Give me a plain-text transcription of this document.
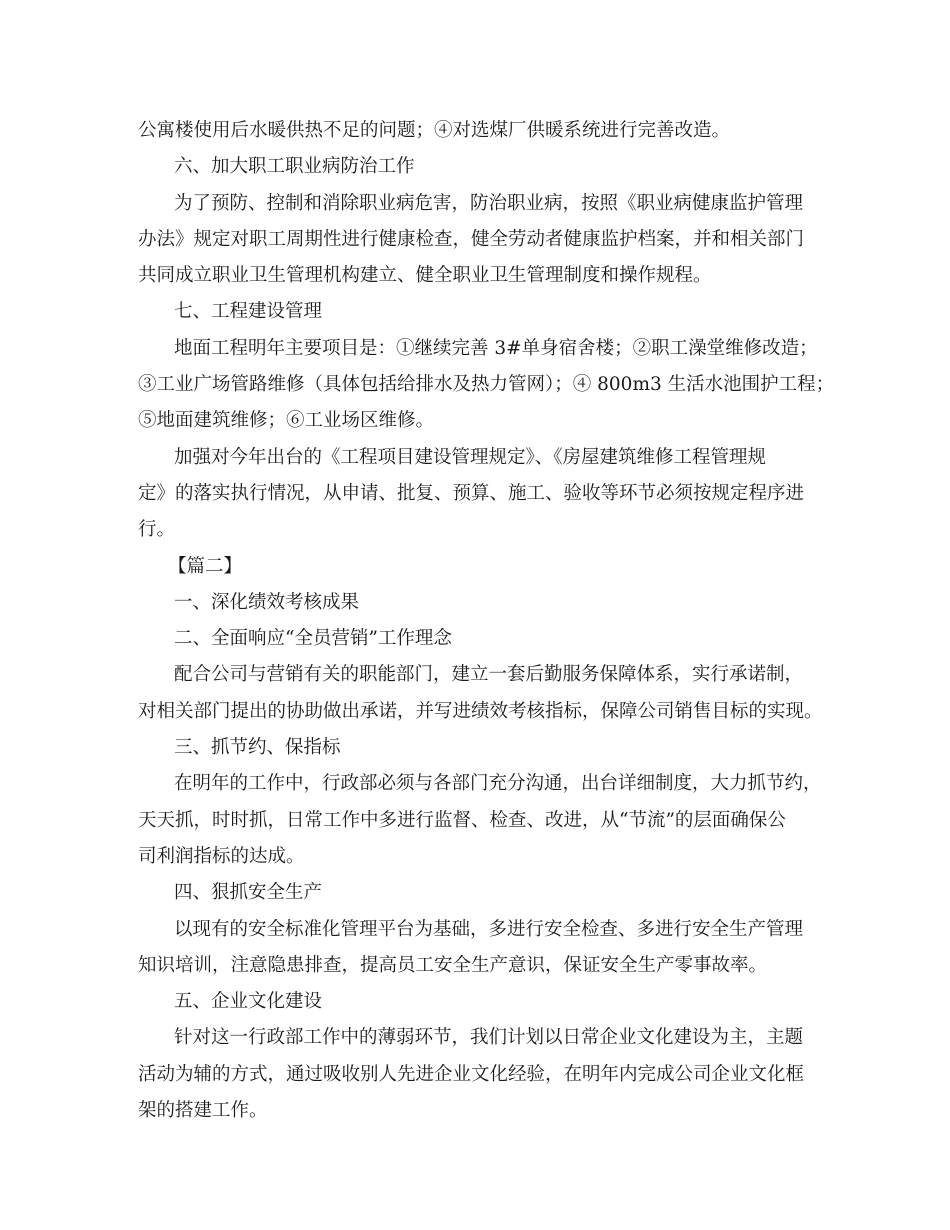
公寓楼使用后水暖供热不足的问题；④对选煤厂供暖系统进行完善改造。
六、加大职工职业病防治工作
为了预防、控制和消除职业病危害，防治职业病，按照《职业病健康监护管理
办法》规定对职工周期性进行健康检查，健全劳动者健康监护档案，并和相关部门
共同成立职业卫生管理机构建立、健全职业卫生管理制度和操作规程。
七、工程建设管理
地面工程明年主要项目是：①继续完善 3#单身宿舍楼；②职工澡堂维修改造；
③工业广场管路维修（具体包括给排水及热力管网）；④ 800m3 生活水池围护工程；
⑤地面建筑维修；⑥工业场区维修。
加强对今年出台的《工程项目建设管理规定》、《房屋建筑维修工程管理规
定》的落实执行情况，从申请、批复、预算、施工、验收等环节必须按规定程序进
行。
【篇二】
一、深化绩效考核成果
二、全面响应“全员营销”工作理念
配合公司与营销有关的职能部门，建立一套后勤服务保障体系，实行承诺制，
对相关部门提出的协助做出承诺，并写进绩效考核指标，保障公司销售目标的实现。
三、抓节约、保指标
在明年的工作中，行政部必须与各部门充分沟通，出台详细制度，大力抓节约，
天天抓，时时抓，日常工作中多进行监督、检查、改进，从“节流”的层面确保公
司利润指标的达成。
四、狠抓安全生产
以现有的安全标准化管理平台为基础，多进行安全检查、多进行安全生产管理
知识培训，注意隐患排查，提高员工安全生产意识，保证安全生产零事故率。
五、企业文化建设
针对这一行政部工作中的薄弱环节，我们计划以日常企业文化建设为主，主题
活动为辅的方式，通过吸收别人先进企业文化经验，在明年内完成公司企业文化框
架的搭建工作。
